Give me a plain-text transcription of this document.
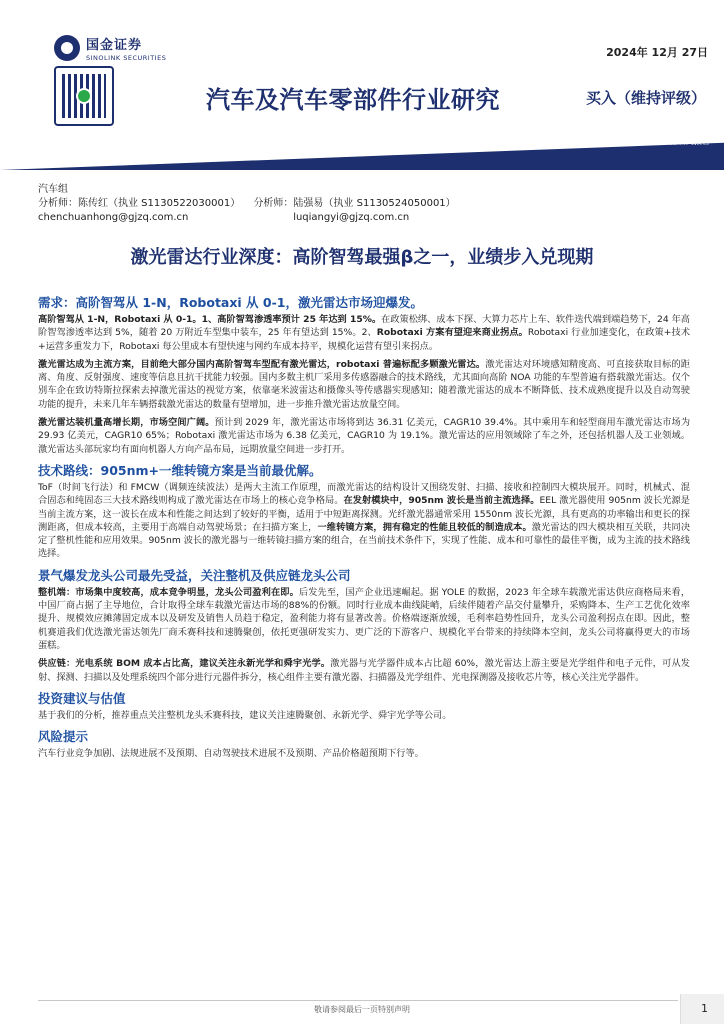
国金证券
SINOLINK SECURITIES	2024年 12月 27日
汽车及汽车零部件行业研究	买入（维持评级）
行业深度研究
证券研究报告
汽车组
分析师：陈传红（执业 S1130522030001） 分析师：陆强易（执业 S1130524050001）
chenchuanhong@gjzq.com.cn	luqiangyi@gjzq.com.cn
激光雷达行业深度：高阶智驾最强β之一，业绩步入兑现期
需求：高阶智驾从 1-N，Robotaxi 从 0-1，激光雷达市场迎爆发。

高阶智驾从 1-N，Robotaxi 从 0-1。1、高阶智驾渗透率预计 25 年达到 15%。在政策松绑、成本下探、大算力芯片上车、软件迭代端到端趋势下，24 年高阶智驾渗透率达到 5%，随着 20 万附近车型集中装车，25 年有望达到 15%。2、Robotaxi 方案有望迎来商业拐点。Robotaxi 行业加速变化，在政策+技术+运营多重发力下，Robotaxi 每公里成本有望快速与网约车成本持平，规模化运营有望引来拐点。

激光雷达成为主流方案，目前绝大部分国内高阶智驾车型配有激光雷达，robotaxi 普遍标配多颗激光雷达。激光雷达对环境感知精度高、可直接获取目标的距离、角度、反射强度、速度等信息且抗干扰能力较强。国内多数主机厂采用多传感器融合的技术路线，尤其面向高阶 NOA 功能的车型普遍有搭载激光雷达。仅个别车企在致访特斯拉探索去掉激光雷达的视觉方案，依靠毫米波雷达和摄像头等传感器实现感知；随着激光雷达的成本不断降低、技术成熟度提升以及自动驾驶功能的提升，未来几年车辆搭载激光雷达的数量有望增加，进一步推升激光雷达放量空间。

激光雷达装机量高增长期，市场空间广阔。预计到 2029 年，激光雷达市场将到达 36.31 亿美元，CAGR10 39.4%。其中乘用车和轻型商用车激光雷达市场为 29.93 亿美元，CAGR10 65%；Robotaxi 激光雷达市场为 6.38 亿美元，CAGR10 为 19.1%。激光雷达的应用领域除了车之外，还包括机器人及工业领域。激光雷达头部玩家均有面向机器人方向产品布局，远期放量空间进一步打开。

技术路线：905nm+一维转镜方案是当前最优解。

ToF（时间飞行法）和 FMCW（调频连续波法）是两大主流工作原理，而激光雷达的结构设计又围绕发射、扫描、接收和控制四大模块展开。同时，机械式、混合固态和纯固态三大技术路线则构成了激光雷达在市场上的核心竞争格局。在发射模块中，905nm 波长是当前主流选择。EEL 激光器使用 905nm 波长光源是当前主流方案，这一波长在成本和性能之间达到了较好的平衡，适用于中短距离探测。光纤激光器通常采用 1550nm 波长光源，具有更高的功率输出和更长的探测距离，但成本较高，主要用于高端自动驾驶场景；在扫描方案上，一维转镜方案，拥有稳定的性能且较低的制造成本。激光雷达的四大模块相互关联，共同决定了整机性能和应用效果。905nm 波长的激光器与一维转镜扫描方案的组合，在当前技术条件下，实现了性能、成本和可靠性的最佳平衡，成为主流的技术路线选择。

景气爆发龙头公司最先受益，关注整机及供应链龙头公司

整机端：市场集中度较高，成本竞争明显，龙头公司盈利在即。后发先至，国产企业迅速崛起。据 YOLE 的数据，2023 年全球车载激光雷达供应商格局来看，中国厂商占据了主导地位，合计取得全球车载激光雷达市场的88%的份额。同时行业成本曲线陡峭，后续伴随着产品交付量攀升，采购降本、生产工艺优化效率提升、规模效应摊薄固定成本以及研发及销售人员趋于稳定，盈利能力将有显著改善。价格端逐渐放缓，毛利率趋势性回升，龙头公司盈利拐点在即。因此，整机赛道我们优选激光雷达领先厂商禾赛科技和速腾聚创，依托更强研发实力、更广泛的下游客户、规模化平台带来的持续降本空间，龙头公司将赢得更大的市场蛋糕。

供应链：光电系统 BOM 成本占比高，建议关注永新光学和舜宇光学。激光器与光学器件成本占比超 60%，激光雷达上游主要是光学组件和电子元件，可从发射、探测、扫描以及处理系统四个部分进行元器件拆分，核心组件主要有激光器、扫描器及光学组件、光电探测器及接收芯片等，核心关注光学器件。

投资建议与估值

基于我们的分析，推荐重点关注整机龙头禾赛科技，建议关注速腾聚创、永新光学、舜宇光学等公司。

风险提示

汽车行业竞争加剧、法规进展不及预期、自动驾驶技术进展不及预期、产品价格超预期下行等。

敬请参阅最后一页特别声明	1
